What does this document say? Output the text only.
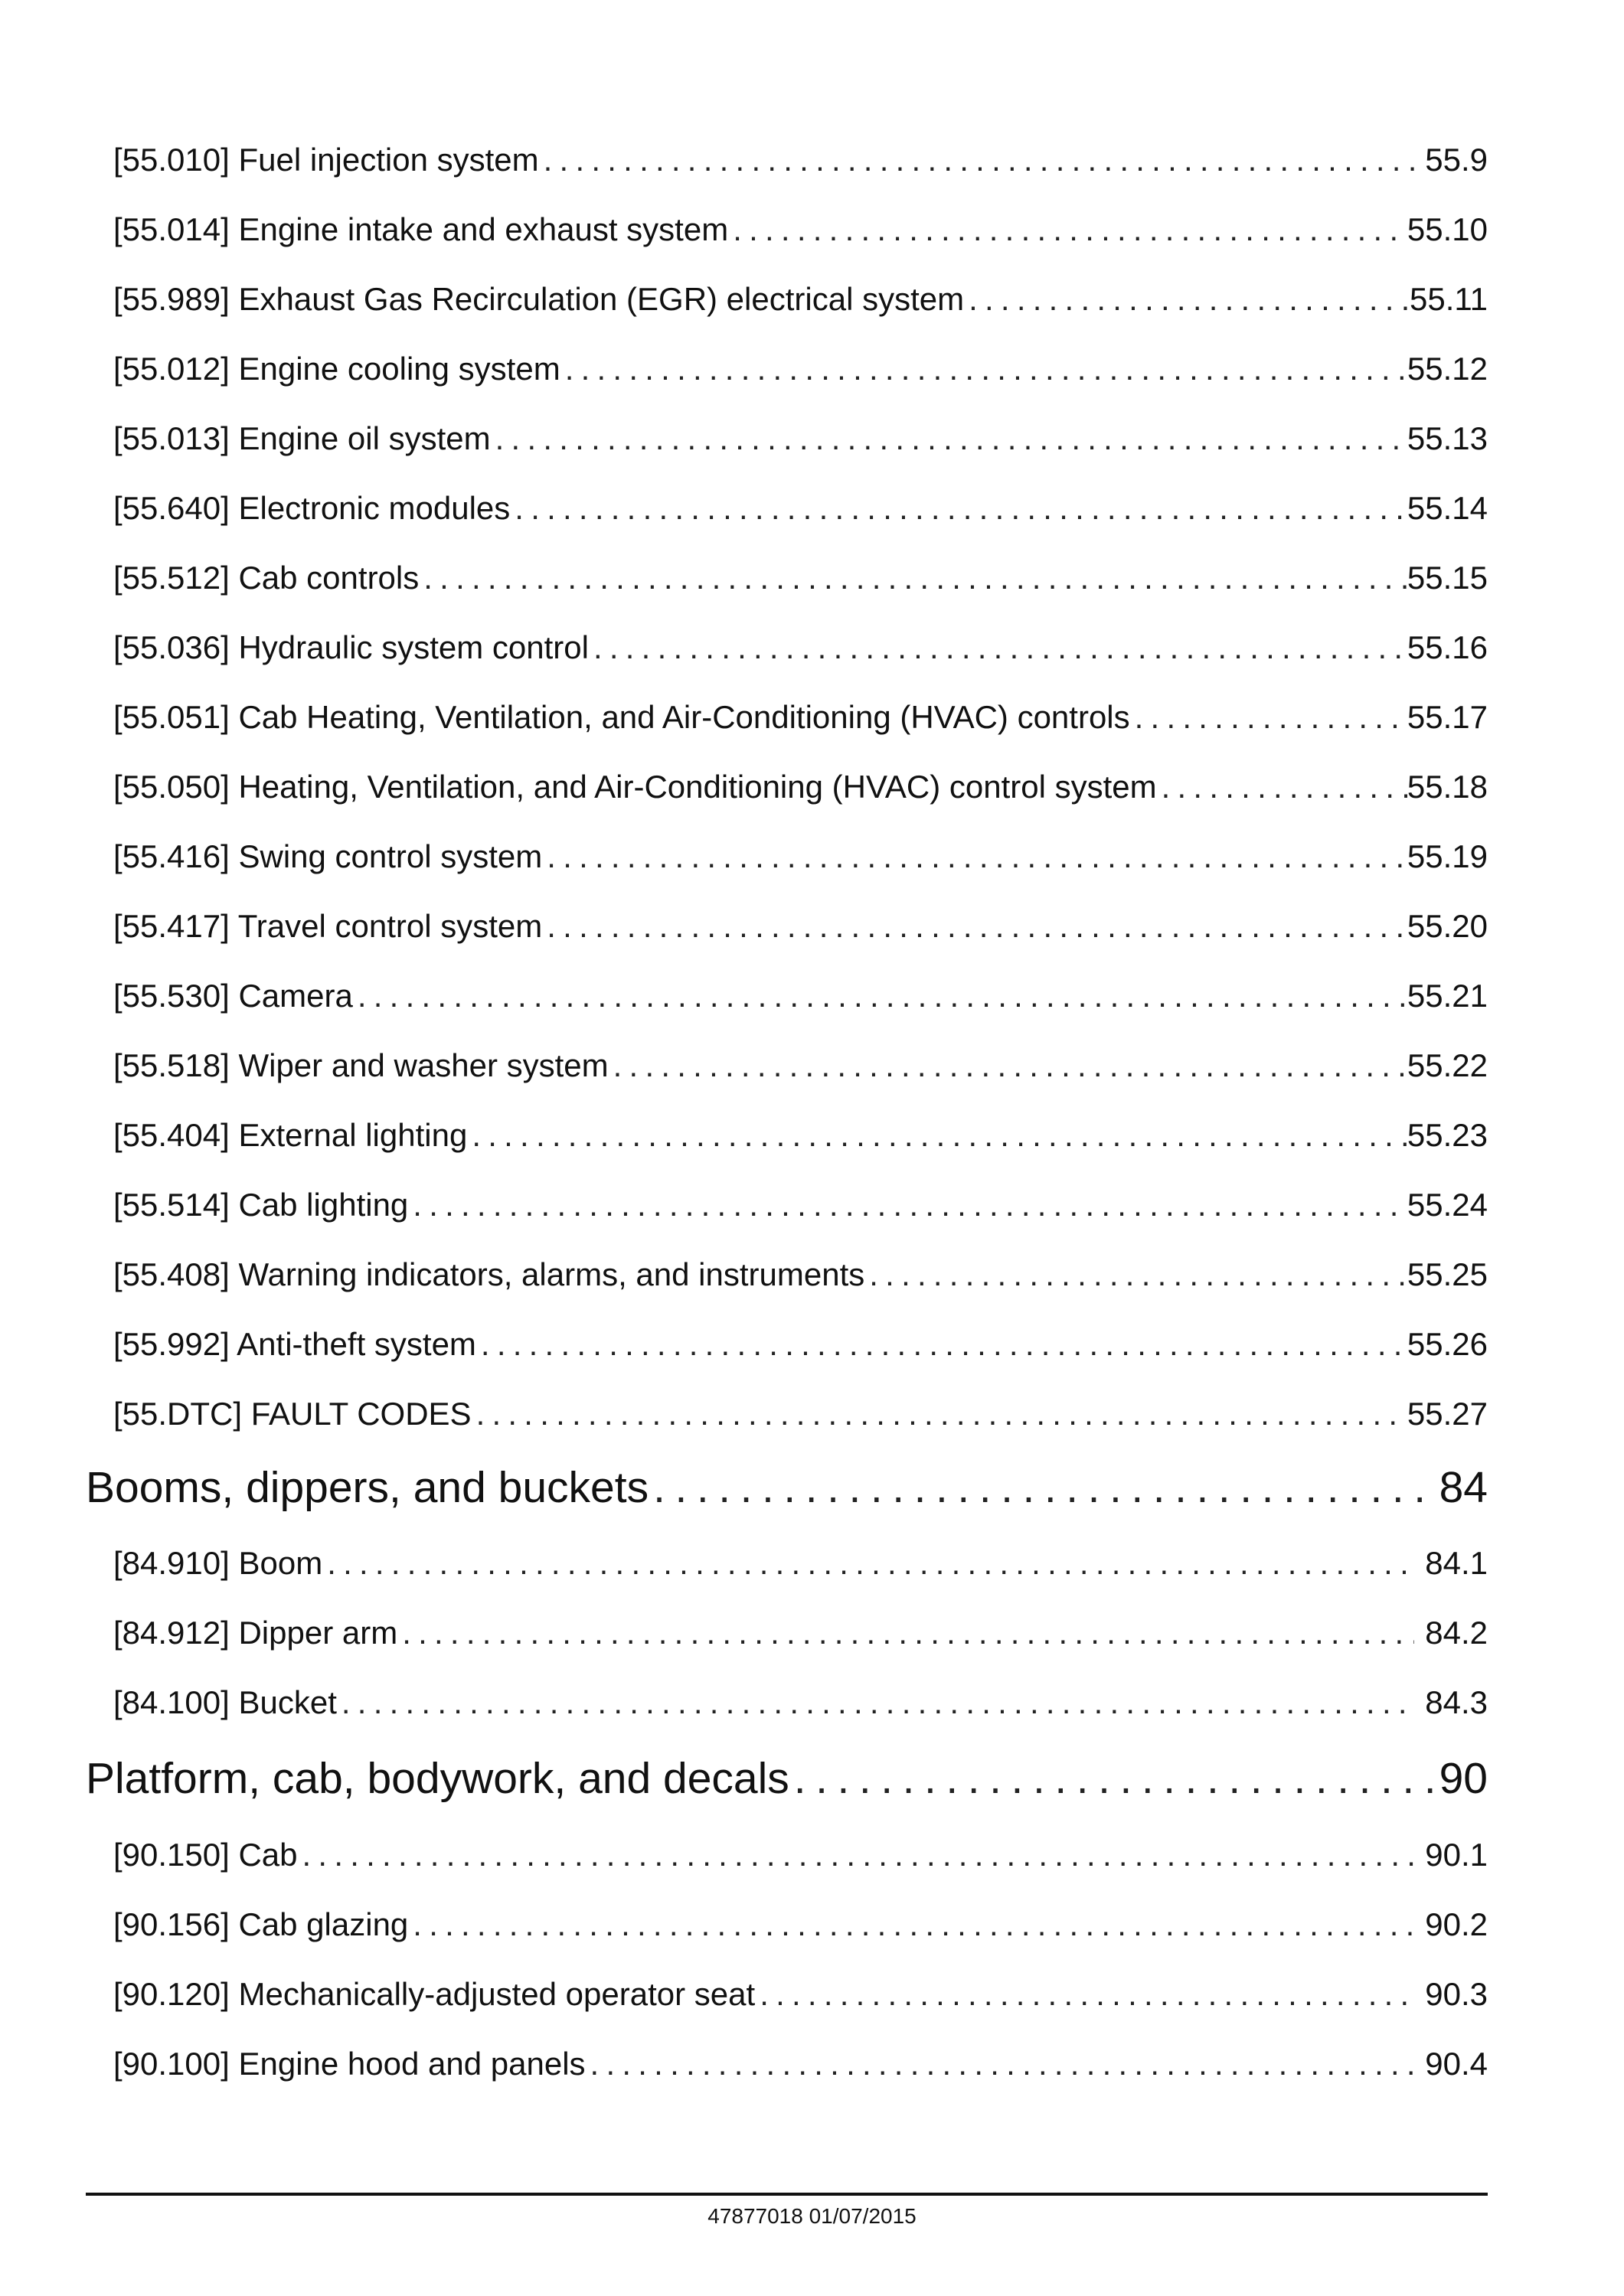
[55.010] Fuel injection system .....	55.9
[55.014] Engine intake and exhaust system .....	55.10
[55.989] Exhaust Gas Recirculation (EGR) electrical system .....	55.11
[55.012] Engine cooling system .....	55.12
[55.013] Engine oil system .....	55.13
[55.640] Electronic modules .....	55.14
[55.512] Cab controls .....	55.15
[55.036] Hydraulic system control .....	55.16
[55.051] Cab Heating, Ventilation, and Air-Conditioning (HVAC) controls .....	55.17
[55.050] Heating, Ventilation, and Air-Conditioning (HVAC) control system .....	55.18
[55.416] Swing control system .....	55.19
[55.417] Travel control system .....	55.20
[55.530] Camera .....	55.21
[55.518] Wiper and washer system .....	55.22
[55.404] External lighting .....	55.23
[55.514] Cab lighting .....	55.24
[55.408] Warning indicators, alarms, and instruments .....	55.25
[55.992] Anti-theft system .....	55.26
[55.DTC] FAULT CODES .....	55.27
Booms, dippers, and buckets .....	84
[84.910] Boom .....	84.1
[84.912] Dipper arm .....	84.2
[84.100] Bucket .....	84.3
Platform, cab, bodywork, and decals .....	90
[90.150] Cab .....	90.1
[90.156] Cab glazing .....	90.2
[90.120] Mechanically-adjusted operator seat .....	90.3
[90.100] Engine hood and panels .....	90.4
47877018 01/07/2015
